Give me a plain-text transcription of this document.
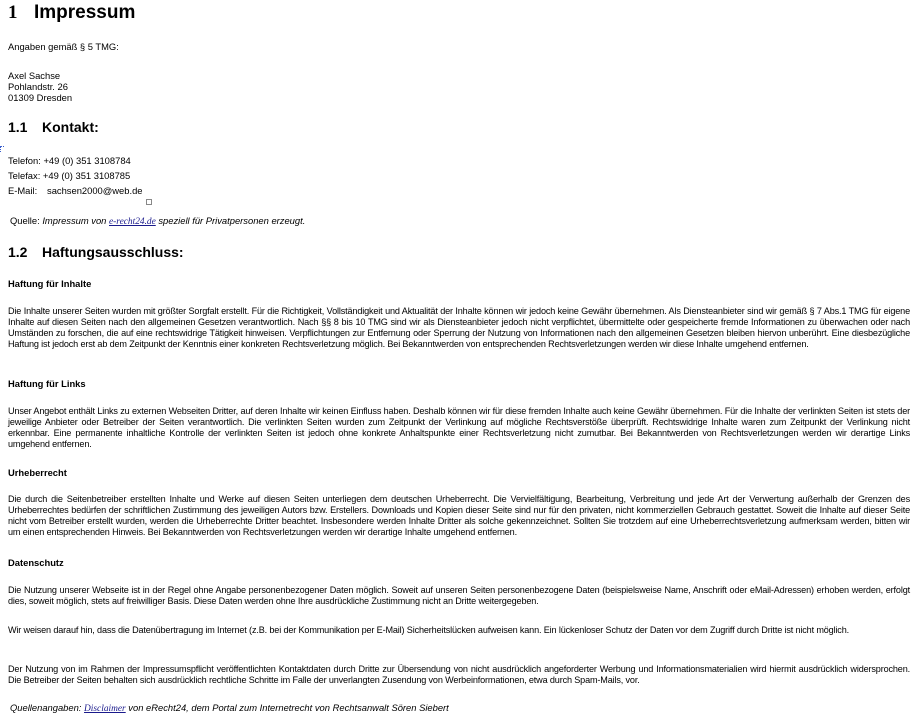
1 Impressum
Angaben gemäß § 5 TMG:
Axel Sachse
Pohlandstr. 26
01309 Dresden
1.1 Kontakt:
Telefon: +49 (0) 351 3108784
Telefax: +49 (0) 351 3108785
E-Mail: sachsen2000@web.de
Quelle: Impressum von e-recht24.de speziell für Privatpersonen erzeugt.
1.2 Haftungsausschluss:
Haftung für Inhalte
Die Inhalte unserer Seiten wurden mit größter Sorgfalt erstellt. Für die Richtigkeit, Vollständigkeit und Aktualität der Inhalte können wir jedoch keine Gewähr übernehmen. Als Diensteanbieter sind wir gemäß § 7 Abs.1 TMG für eigene Inhalte auf diesen Seiten nach den allgemeinen Gesetzen verantwortlich. Nach §§ 8 bis 10 TMG sind wir als Diensteanbieter jedoch nicht verpflichtet, übermittelte oder gespeicherte fremde Informationen zu überwachen oder nach Umständen zu forschen, die auf eine rechtswidrige Tätigkeit hinweisen. Verpflichtungen zur Entfernung oder Sperrung der Nutzung von Informationen nach den allgemeinen Gesetzen bleiben hiervon unberührt. Eine diesbezügliche Haftung ist jedoch erst ab dem Zeitpunkt der Kenntnis einer konkreten Rechtsverletzung möglich. Bei Bekanntwerden von entsprechenden Rechtsverletzungen werden wir diese Inhalte umgehend entfernen.
Haftung für Links
Unser Angebot enthält Links zu externen Webseiten Dritter, auf deren Inhalte wir keinen Einfluss haben. Deshalb können wir für diese fremden Inhalte auch keine Gewähr übernehmen. Für die Inhalte der verlinkten Seiten ist stets der jeweilige Anbieter oder Betreiber der Seiten verantwortlich. Die verlinkten Seiten wurden zum Zeitpunkt der Verlinkung auf mögliche Rechtsverstöße überprüft. Rechtswidrige Inhalte waren zum Zeitpunkt der Verlinkung nicht erkennbar. Eine permanente inhaltliche Kontrolle der verlinkten Seiten ist jedoch ohne konkrete Anhaltspunkte einer Rechtsverletzung nicht zumutbar. Bei Bekanntwerden von Rechtsverletzungen werden wir derartige Links umgehend entfernen.
Urheberrecht
Die durch die Seitenbetreiber erstellten Inhalte und Werke auf diesen Seiten unterliegen dem deutschen Urheberrecht. Die Vervielfältigung, Bearbeitung, Verbreitung und jede Art der Verwertung außerhalb der Grenzen des Urheberrechtes bedürfen der schriftlichen Zustimmung des jeweiligen Autors bzw. Erstellers. Downloads und Kopien dieser Seite sind nur für den privaten, nicht kommerziellen Gebrauch gestattet. Soweit die Inhalte auf dieser Seite nicht vom Betreiber erstellt wurden, werden die Urheberrechte Dritter beachtet. Insbesondere werden Inhalte Dritter als solche gekennzeichnet. Sollten Sie trotzdem auf eine Urheberrechtsverletzung aufmerksam werden, bitten wir um einen entsprechenden Hinweis. Bei Bekanntwerden von Rechtsverletzungen werden wir derartige Inhalte umgehend entfernen.
Datenschutz
Die Nutzung unserer Webseite ist in der Regel ohne Angabe personenbezogener Daten möglich. Soweit auf unseren Seiten personenbezogene Daten (beispielsweise Name, Anschrift oder eMail-Adressen) erhoben werden, erfolgt dies, soweit möglich, stets auf freiwilliger Basis. Diese Daten werden ohne Ihre ausdrückliche Zustimmung nicht an Dritte weitergegeben.
Wir weisen darauf hin, dass die Datenübertragung im Internet (z.B. bei der Kommunikation per E-Mail) Sicherheitslücken aufweisen kann. Ein lückenloser Schutz der Daten vor dem Zugriff durch Dritte ist nicht möglich.
Der Nutzung von im Rahmen der Impressumspflicht veröffentlichten Kontaktdaten durch Dritte zur Übersendung von nicht ausdrücklich angeforderter Werbung und Informationsmaterialien wird hiermit ausdrücklich widersprochen. Die Betreiber der Seiten behalten sich ausdrücklich rechtliche Schritte im Falle der unverlangten Zusendung von Werbeinformationen, etwa durch Spam-Mails, vor.
Quellenangaben: Disclaimer von eRecht24, dem Portal zum Internetrecht von Rechtsanwalt Sören Siebert
